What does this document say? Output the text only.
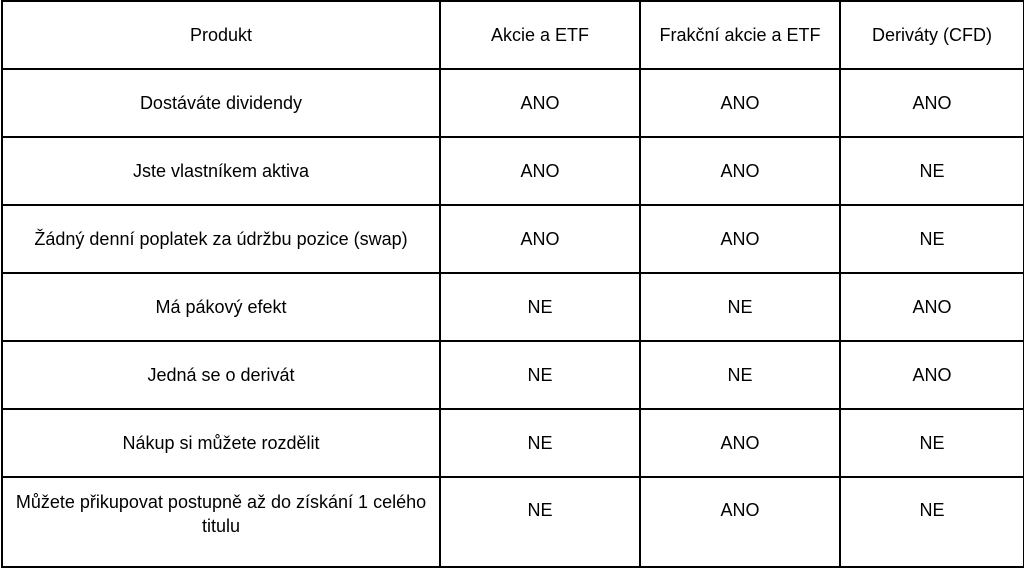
Produkt	Akcie a ETF	Frakční akcie a ETF	Deriváty (CFD)
Dostáváte dividendy	ANO	ANO	ANO
Jste vlastníkem aktiva	ANO	ANO	NE
Žádný denní poplatek za údržbu pozice (swap)	ANO	ANO	NE
Má pákový efekt	NE	NE	ANO
Jedná se o derivát	NE	NE	ANO
Nákup si můžete rozdělit	NE	ANO	NE
Můžete přikupovat postupně až do získání 1 celého titulu	NE	ANO	NE
